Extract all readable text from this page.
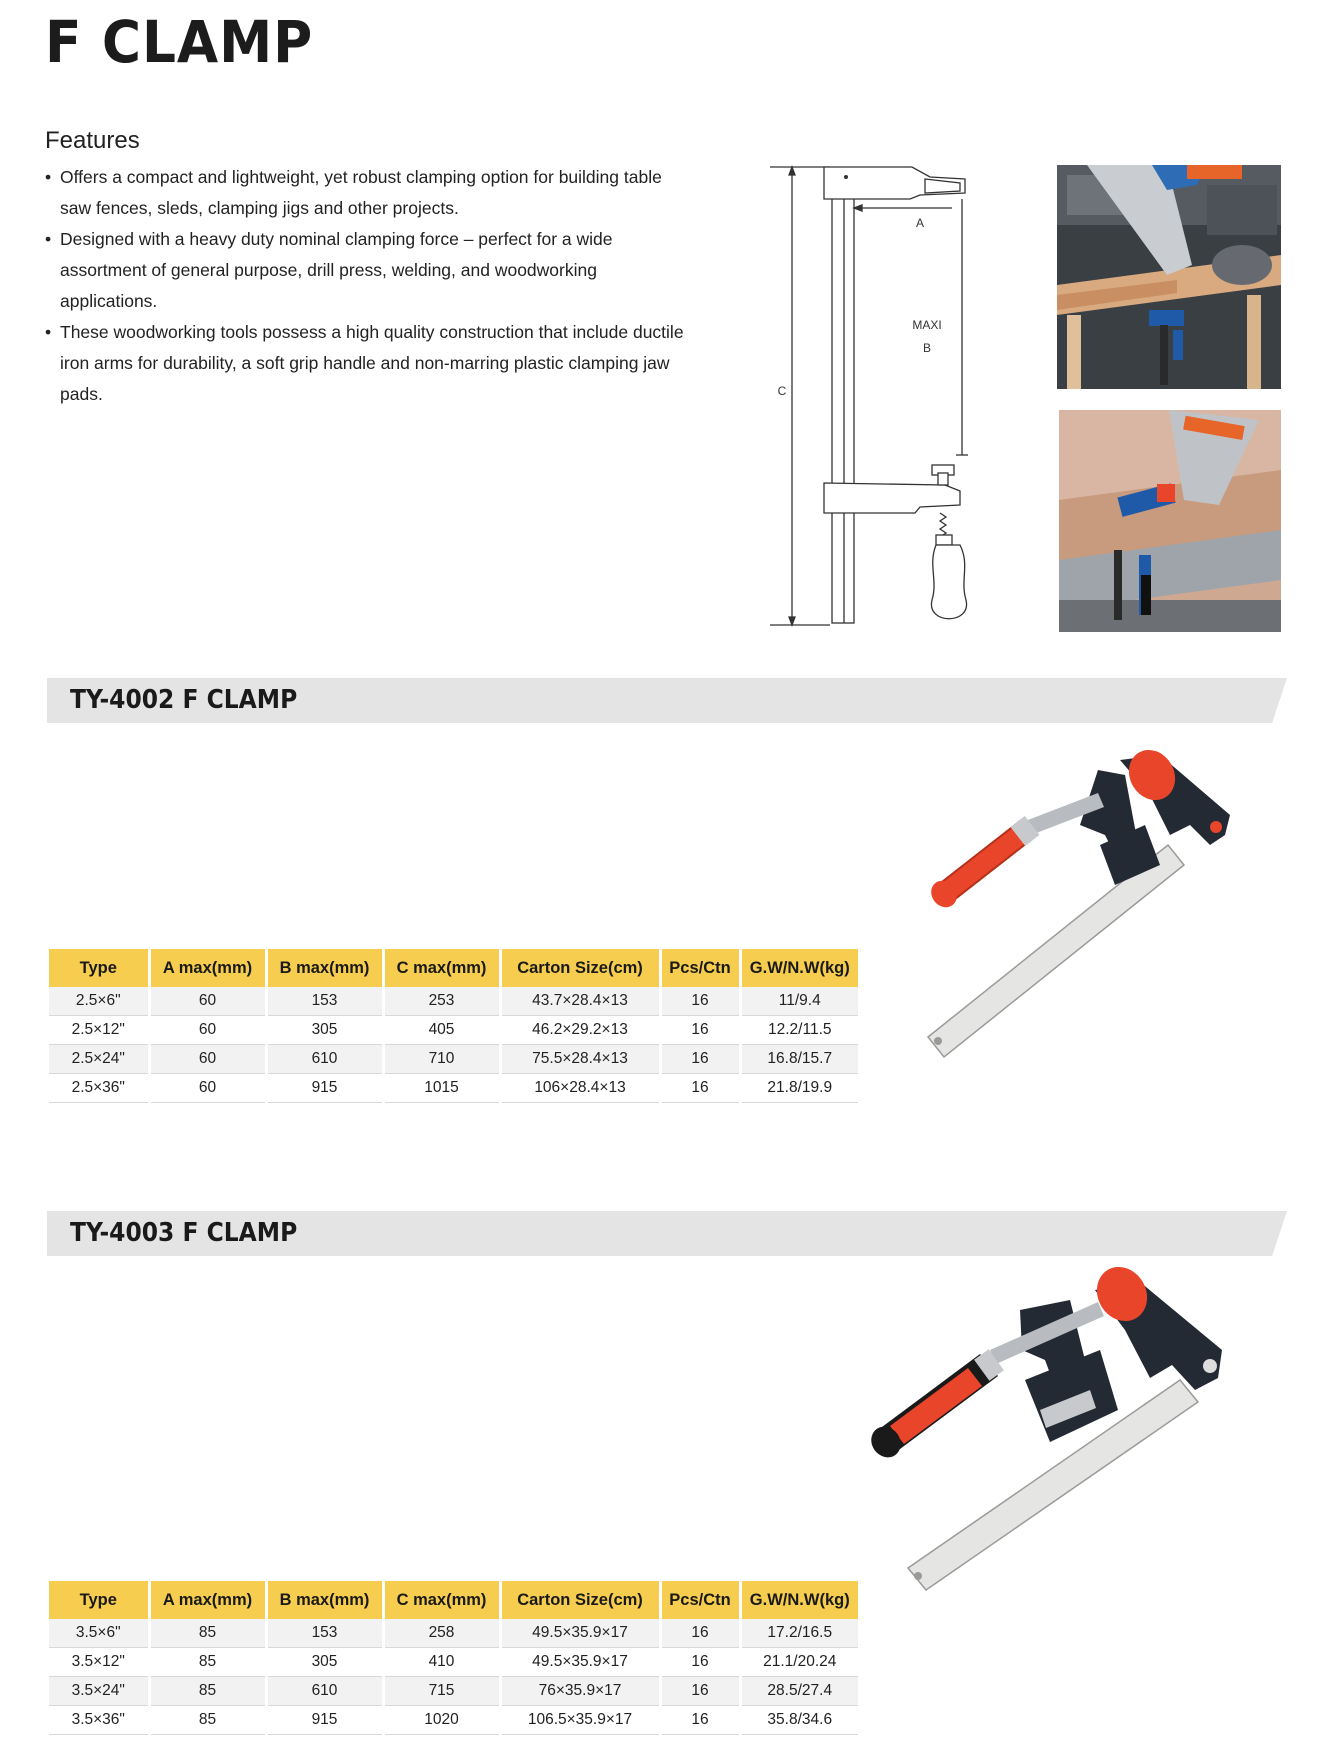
F CLAMP
Features
• Offers a compact and lightweight, yet robust clamping option for building table saw fences, sleds, clamping jigs and other projects.
• Designed with a heavy duty nominal clamping force – perfect for a wide assortment of general purpose, drill press, welding, and woodworking applications.
• These woodworking tools possess a high quality construction that include ductile iron arms for durability, a soft grip handle and non-marring plastic clamping jaw pads.
A
MAXI
B
C
TY-4002 F CLAMP
Type	A max(mm)	B max(mm)	C max(mm)	Carton Size(cm)	Pcs/Ctn	G.W/N.W(kg)
2.5×6"	60	153	253	43.7×28.4×13	16	11/9.4
2.5×12"	60	305	405	46.2×29.2×13	16	12.2/11.5
2.5×24"	60	610	710	75.5×28.4×13	16	16.8/15.7
2.5×36"	60	915	1015	106×28.4×13	16	21.8/19.9
TY-4003 F CLAMP
Type	A max(mm)	B max(mm)	C max(mm)	Carton Size(cm)	Pcs/Ctn	G.W/N.W(kg)
3.5×6"	85	153	258	49.5×35.9×17	16	17.2/16.5
3.5×12"	85	305	410	49.5×35.9×17	16	21.1/20.24
3.5×24"	85	610	715	76×35.9×17	16	28.5/27.4
3.5×36"	85	915	1020	106.5×35.9×17	16	35.8/34.6
